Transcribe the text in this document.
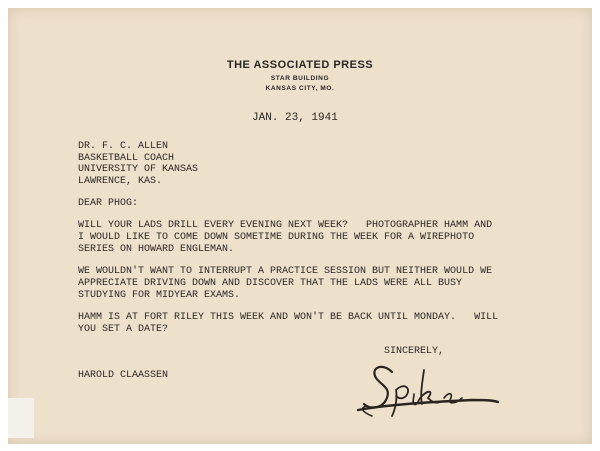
THE ASSOCIATED PRESS
STAR BUILDING
KANSAS CITY, MO.
JAN. 23, 1941
DR. F. C. ALLEN
BASKETBALL COACH
UNIVERSITY OF KANSAS
LAWRENCE, KAS.
DEAR PHOG:
WILL YOUR LADS DRILL EVERY EVENING NEXT WEEK?   PHOTOGRAPHER HAMM AND
I WOULD LIKE TO COME DOWN SOMETIME DURING THE WEEK FOR A WIREPHOTO
SERIES ON HOWARD ENGLEMAN.
WE WOULDN'T WANT TO INTERRUPT A PRACTICE SESSION BUT NEITHER WOULD WE
APPRECIATE DRIVING DOWN AND DISCOVER THAT THE LADS WERE ALL BUSY
STUDYING FOR MIDYEAR EXAMS.
HAMM IS AT FORT RILEY THIS WEEK AND WON'T BE BACK UNTIL MONDAY.   WILL
YOU SET A DATE?
SINCERELY,
HAROLD CLAASSEN
